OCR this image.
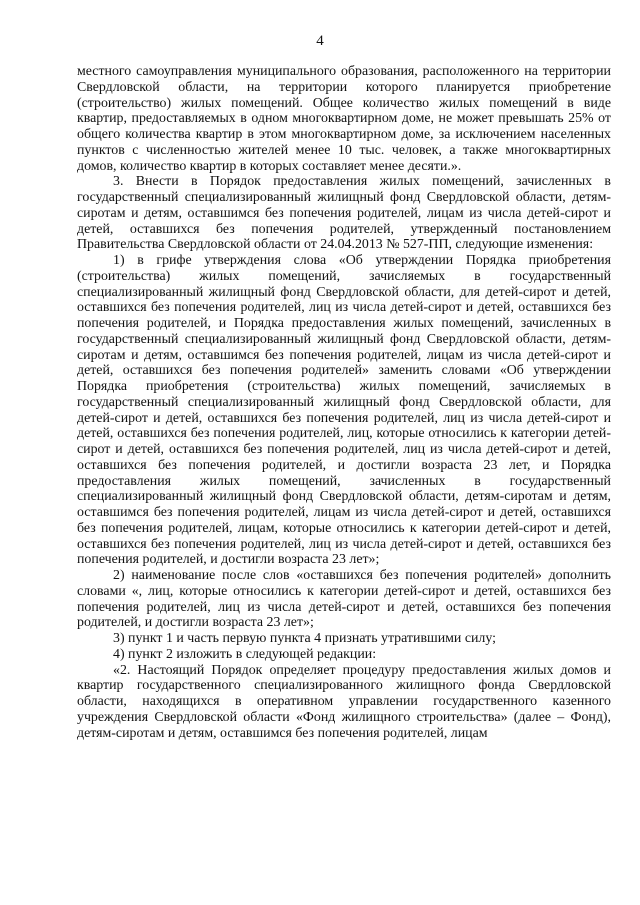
4

местного самоуправления муниципального образования, расположенного на территории Свердловской области, на территории которого планируется приобретение (строительство) жилых помещений. Общее количество жилых помещений в виде квартир, предоставляемых в одном многоквартирном доме, не может превышать 25% от общего количества квартир в этом многоквартирном доме, за исключением населенных пунктов с численностью жителей менее 10 тыс. человек, а также многоквартирных домов, количество квартир в которых составляет менее десяти.».

3. Внести в Порядок предоставления жилых помещений, зачисленных в государственный специализированный жилищный фонд Свердловской области, детям-сиротам и детям, оставшимся без попечения родителей, лицам из числа детей-сирот и детей, оставшихся без попечения родителей, утвержденный постановлением Правительства Свердловской области от 24.04.2013 № 527-ПП, следующие изменения:

1) в грифе утверждения слова «Об утверждении Порядка приобретения (строительства) жилых помещений, зачисляемых в государственный специализированный жилищный фонд Свердловской области, для детей-сирот и детей, оставшихся без попечения родителей, лиц из числа детей-сирот и детей, оставшихся без попечения родителей, и Порядка предоставления жилых помещений, зачисленных в государственный специализированный жилищный фонд Свердловской области, детям-сиротам и детям, оставшимся без попечения родителей, лицам из числа детей-сирот и детей, оставшихся без попечения родителей» заменить словами «Об утверждении Порядка приобретения (строительства) жилых помещений, зачисляемых в государственный специализированный жилищный фонд Свердловской области, для детей-сирот и детей, оставшихся без попечения родителей, лиц из числа детей-сирот и детей, оставшихся без попечения родителей, лиц, которые относились к категории детей-сирот и детей, оставшихся без попечения родителей, лиц из числа детей-сирот и детей, оставшихся без попечения родителей, и достигли возраста 23 лет, и Порядка предоставления жилых помещений, зачисленных в государственный специализированный жилищный фонд Свердловской области, детям-сиротам и детям, оставшимся без попечения родителей, лицам из числа детей-сирот и детей, оставшихся без попечения родителей, лицам, которые относились к категории детей-сирот и детей, оставшихся без попечения родителей, лиц из числа детей-сирот и детей, оставшихся без попечения родителей, и достигли возраста 23 лет»;

2) наименование после слов «оставшихся без попечения родителей» дополнить словами «, лиц, которые относились к категории детей-сирот и детей, оставшихся без попечения родителей, лиц из числа детей-сирот и детей, оставшихся без попечения родителей, и достигли возраста 23 лет»;

3) пункт 1 и часть первую пункта 4 признать утратившими силу;

4) пункт 2 изложить в следующей редакции:

«2. Настоящий Порядок определяет процедуру предоставления жилых домов и квартир государственного специализированного жилищного фонда Свердловской области, находящихся в оперативном управлении государственного казенного учреждения Свердловской области «Фонд жилищного строительства» (далее – Фонд), детям-сиротам и детям, оставшимся без попечения родителей, лицам
